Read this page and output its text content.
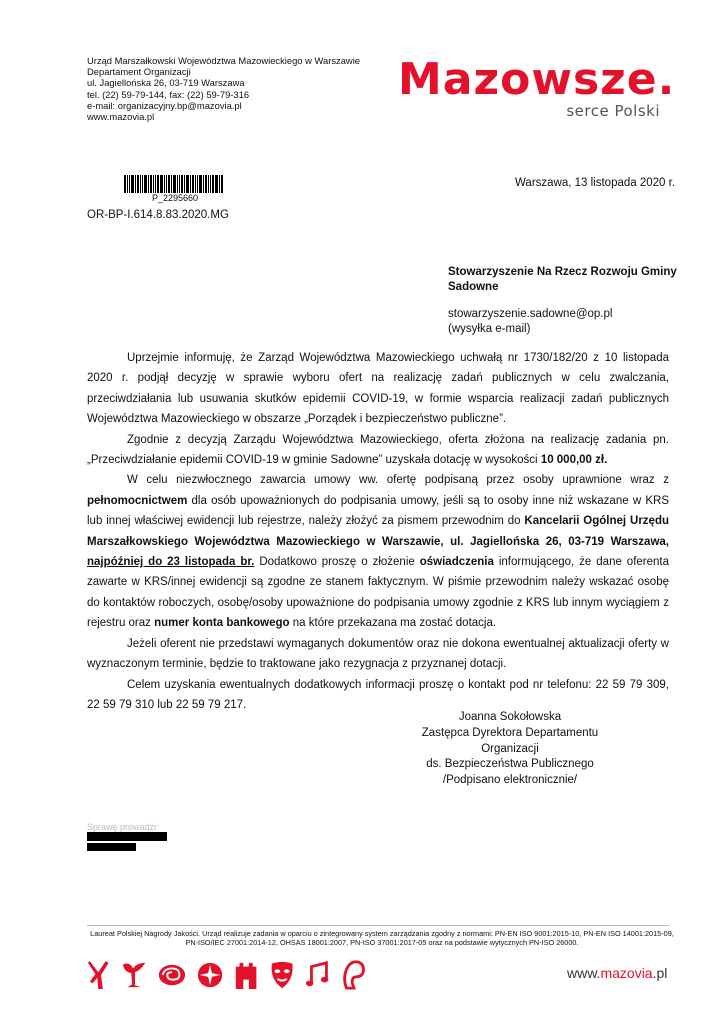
Urząd Marszałkowski Województwa Mazowieckiego w Warszawie
Departament Organizacji
ul. Jagiellońska 26, 03-719 Warszawa
tel. (22) 59-79-144, fax: (22) 59-79-316
e-mail: organizacyjny.bp@mazovia.pl
www.mazovia.pl
Mazowsze.
serce Polski
P_2295660
OR-BP-I.614.8.83.2020.MG
Warszawa, 13 listopada 2020 r.
Stowarzyszenie Na Rzecz Rozwoju Gminy
Sadowne
stowarzyszenie.sadowne@op.pl
(wysyłka e-mail)

Uprzejmie informuję, że Zarząd Województwa Mazowieckiego uchwałą nr 1730/182/20 z 10 listopada 2020 r. podjął decyzję w sprawie wyboru ofert na realizację zadań publicznych w celu zwalczania, przeciwdziałania lub usuwania skutków epidemii COVID-19, w formie wsparcia realizacji zadań publicznych Województwa Mazowieckiego w obszarze „Porządek i bezpieczeństwo publiczne”.

Zgodnie z decyzją Zarządu Województwa Mazowieckiego, oferta złożona na realizację zadania pn. „Przeciwdziałanie epidemii COVID-19 w gminie Sadowne” uzyskała dotację w wysokości 10 000,00 zł.

W celu niezwłocznego zawarcia umowy ww. ofertę podpisaną przez osoby uprawnione wraz z pełnomocnictwem dla osób upoważnionych do podpisania umowy, jeśli są to osoby inne niż wskazane w KRS lub innej właściwej ewidencji lub rejestrze, należy złożyć za pismem przewodnim do Kancelarii Ogólnej Urzędu Marszałkowskiego Województwa Mazowieckiego w Warszawie, ul. Jagiellońska 26, 03-719 Warszawa, najpóźniej do 23 listopada br. Dodatkowo proszę o złożenie oświadczenia informującego, że dane oferenta zawarte w KRS/innej ewidencji są zgodne ze stanem faktycznym. W piśmie przewodnim należy wskazać osobę do kontaktów roboczych, osobę/osoby upoważnione do podpisania umowy zgodnie z KRS lub innym wyciągiem z rejestru oraz numer konta bankowego na które przekazana ma zostać dotacja.

Jeżeli oferent nie przedstawi wymaganych dokumentów oraz nie dokona ewentualnej aktualizacji oferty w wyznaczonym terminie, będzie to traktowane jako rezygnacja z przyznanej dotacji.

Celem uzyskania ewentualnych dodatkowych informacji proszę o kontakt pod nr telefonu: 22 59 79 309, 22 59 79 310 lub 22 59 79 217.

Joanna Sokołowska
Zastępca Dyrektora Departamentu Organizacji
ds. Bezpieczeństwa Publicznego
/Podpisano elektronicznie/
Sprawę prowadzi:
Laureat Polskiej Nagrody Jakości. Urząd realizuje zadania w oparciu o zintegrowany system zarządzania zgodny z normami: PN-EN ISO 9001:2015-10, PN-EN ISO 14001:2015-09, PN-ISO/IEC 27001:2014-12, OHSAS 18001:2007, PN-ISO 37001:2017-05 oraz na podstawie wytycznych PN-ISO 26000.
www.mazovia.pl
